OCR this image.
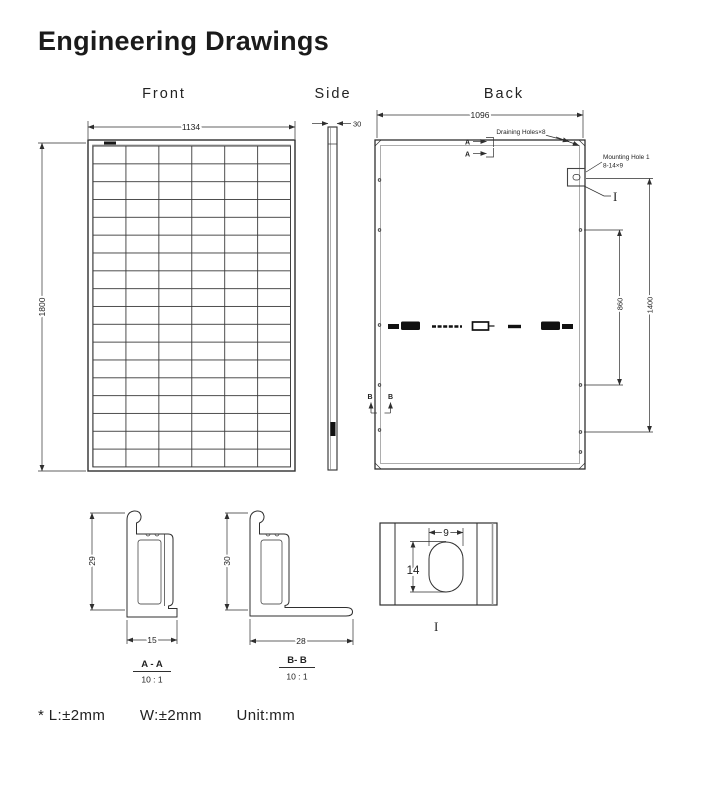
Engineering Drawings
Front	Side	Back
1134
1800
30
1096
Draining Holes×8
A
A	Mounting Hole 1
8-14×9
I
B B
860	1400
29
15
A - A
10 : 1
30
28
B- B
10 : 1
9
14
I
* L:±2mm W:±2mm Unit:mm
